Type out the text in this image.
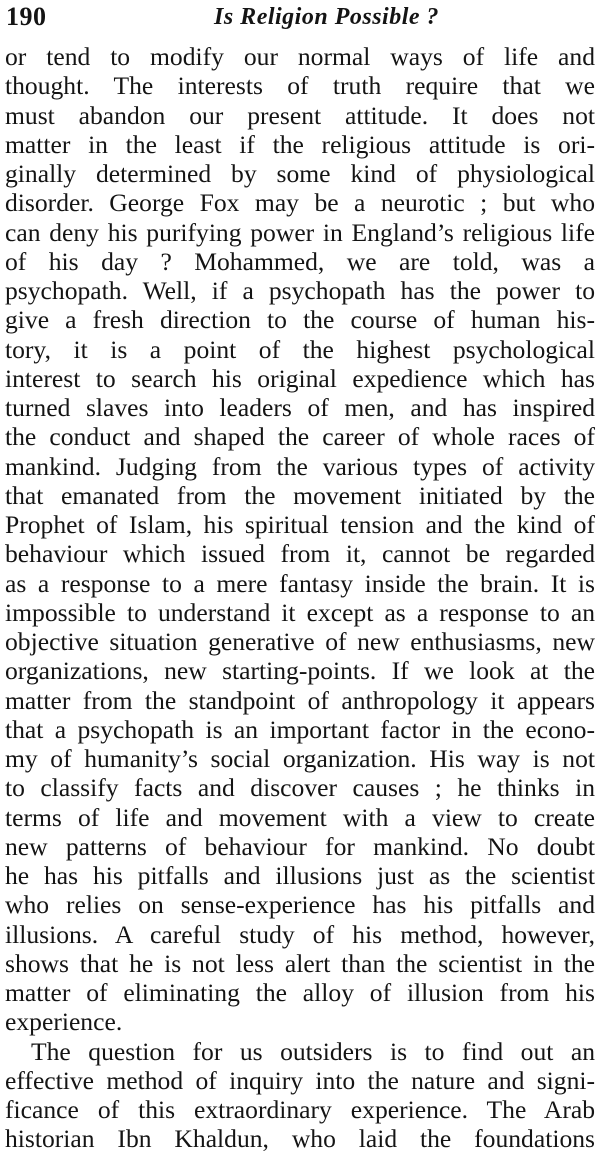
190	Is Religion Possible ?
or tend to modify our normal ways of life and
thought. The interests of truth require that we
must abandon our present attitude. It does not
matter in the least if the religious attitude is ori-
ginally determined by some kind of physiological
disorder. George Fox may be a neurotic ; but who
can deny his purifying power in England’s religious life
of his day ? Mohammed, we are told, was a
psychopath. Well, if a psychopath has the power to
give a fresh direction to the course of human his-
tory, it is a point of the highest psychological
interest to search his original expedience which has
turned slaves into leaders of men, and has inspired
the conduct and shaped the career of whole races of
mankind. Judging from the various types of activity
that emanated from the movement initiated by the
Prophet of Islam, his spiritual tension and the kind of
behaviour which issued from it, cannot be regarded
as a response to a mere fantasy inside the brain. It is
impossible to understand it except as a response to an
objective situation generative of new enthusiasms, new
organizations, new starting-points. If we look at the
matter from the standpoint of anthropology it appears
that a psychopath is an important factor in the econo-
my of humanity’s social organization. His way is not
to classify facts and discover causes ; he thinks in
terms of life and movement with a view to create
new patterns of behaviour for mankind. No doubt
he has his pitfalls and illusions just as the scientist
who relies on sense-experience has his pitfalls and
illusions. A careful study of his method, however,
shows that he is not less alert than the scientist in the
matter of eliminating the alloy of illusion from his
experience.
The question for us outsiders is to find out an
effective method of inquiry into the nature and signi-
ficance of this extraordinary experience. The Arab
historian Ibn Khaldun, who laid the foundations
